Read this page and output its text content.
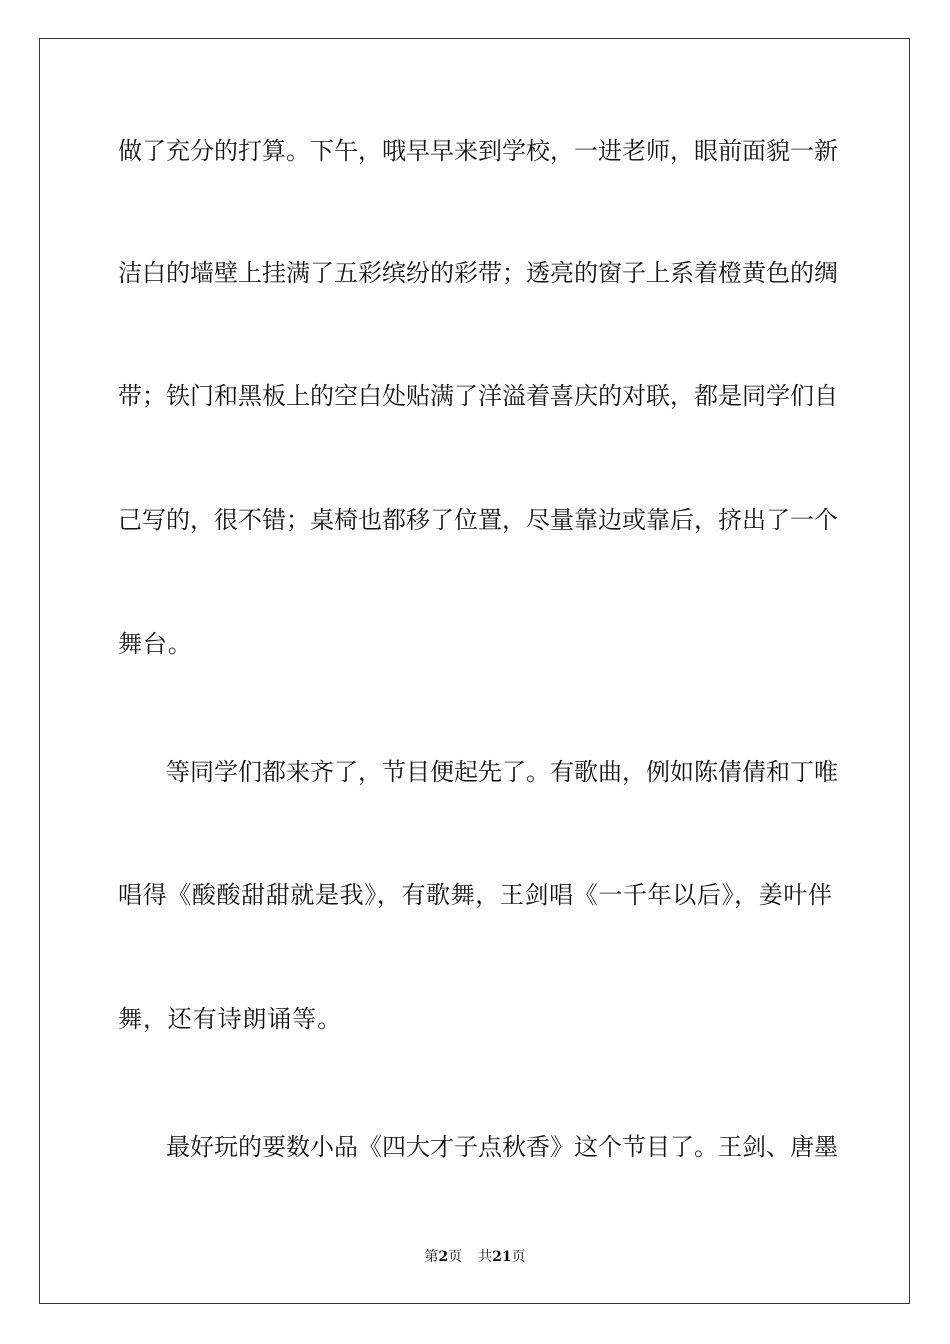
做了充分的打算。下午，哦早早来到学校，一进老师，眼前面貌一新
洁白的墙壁上挂满了五彩缤纷的彩带；透亮的窗子上系着橙黄色的绸
带；铁门和黑板上的空白处贴满了洋溢着喜庆的对联，都是同学们自
己写的，很不错；桌椅也都移了位置，尽量靠边或靠后，挤出了一个
舞台。
等同学们都来齐了，节目便起先了。有歌曲，例如陈倩倩和丁唯
唱得《酸酸甜甜就是我》，有歌舞，王剑唱《一千年以后》，姜叶伴
舞，还有诗朗诵等。
最好玩的要数小品《四大才子点秋香》这个节目了。王剑、唐墨
第2页 共21页
